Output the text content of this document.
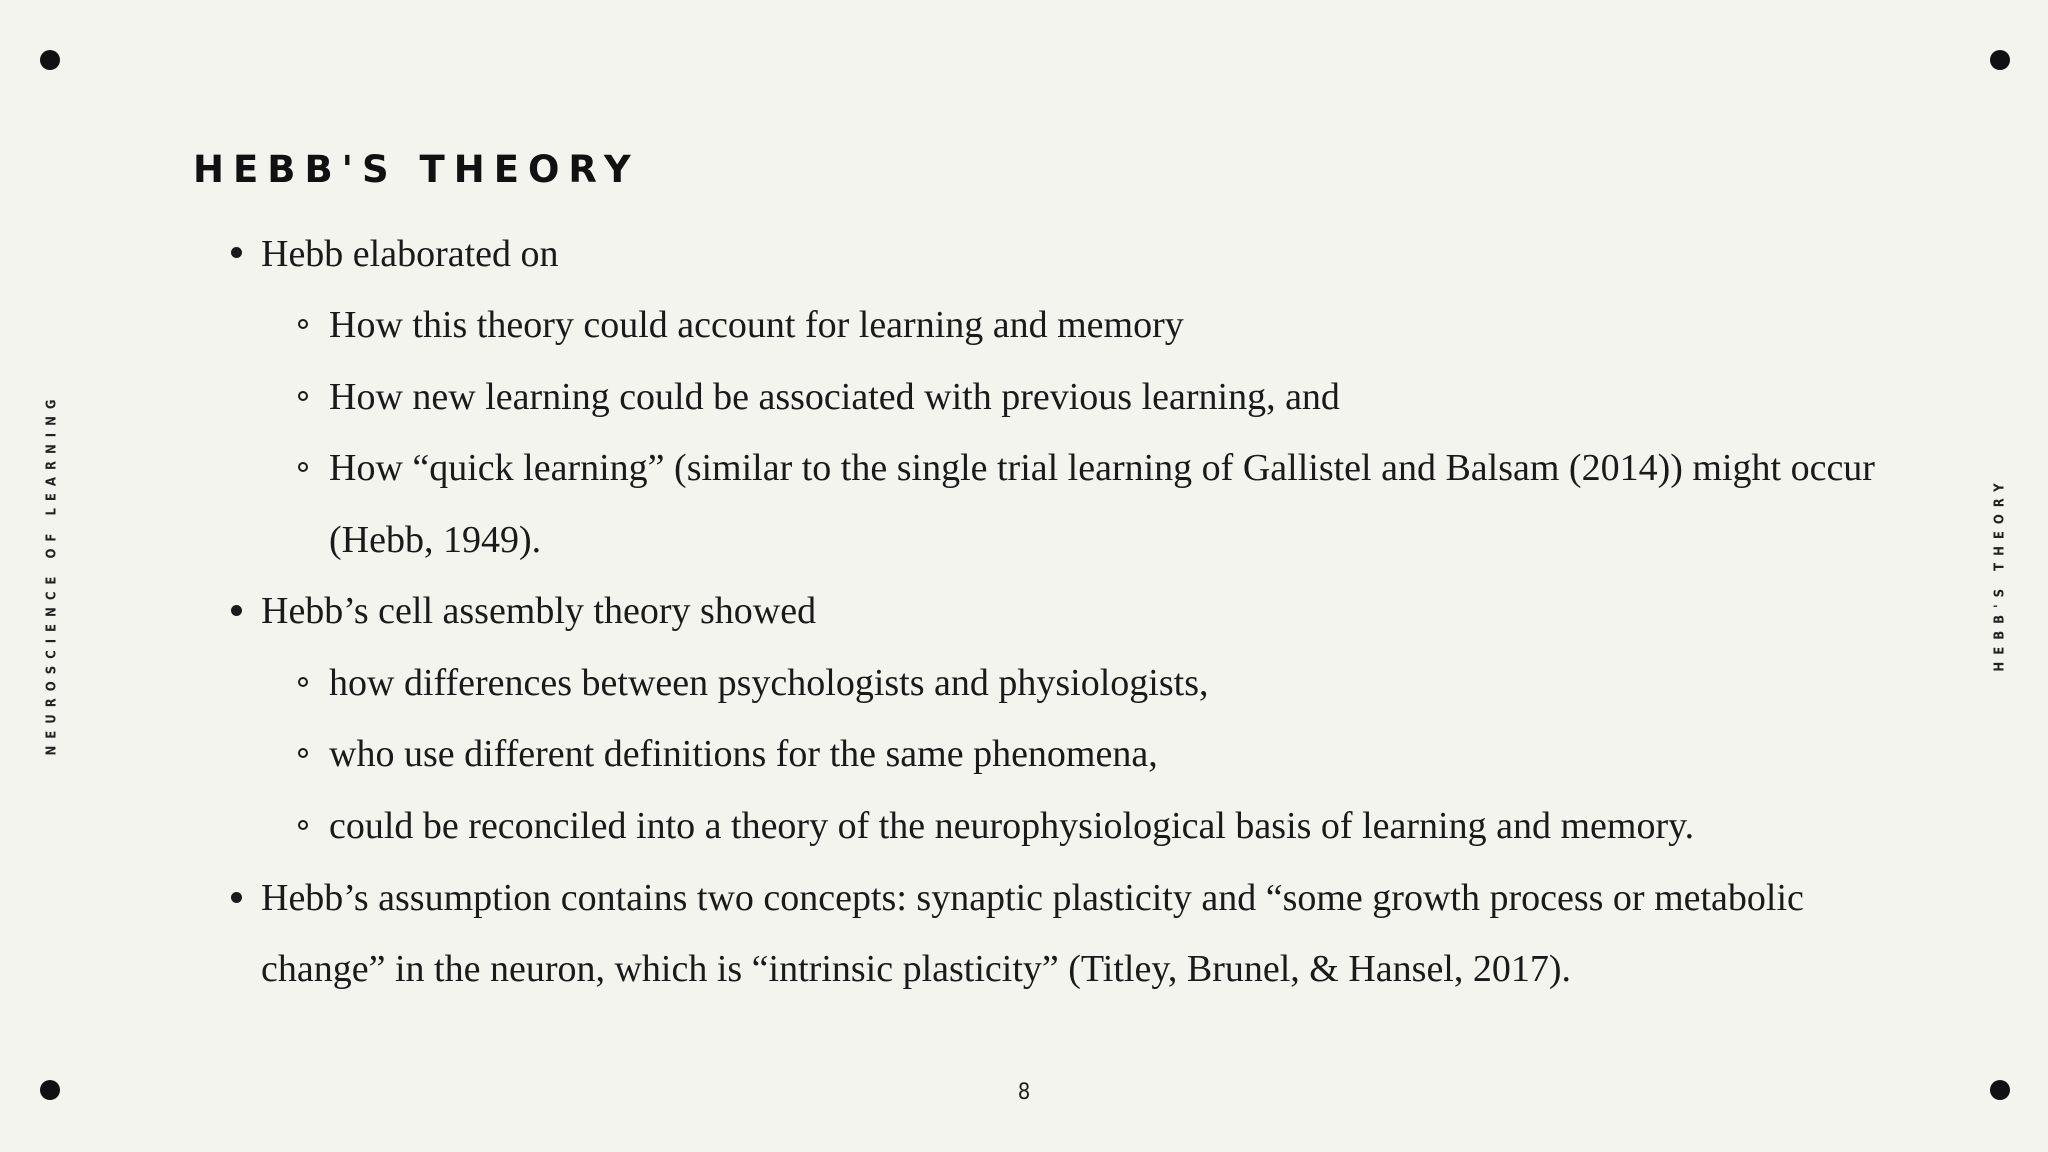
HEBB'S THEORY
NEUROSCIENCE OF LEARNING	HEBB'S THEORY
Hebb elaborated on
How this theory could account for learning and memory
How new learning could be associated with previous learning, and
How “quick learning” (similar to the single trial learning of Gallistel and Balsam (2014)) might occur
(Hebb, 1949).
Hebb’s cell assembly theory showed
how differences between psychologists and physiologists,
who use different definitions for the same phenomena,
could be reconciled into a theory of the neurophysiological basis of learning and memory.
Hebb’s assumption contains two concepts: synaptic plasticity and “some growth process or metabolic
change” in the neuron, which is “intrinsic plasticity” (Titley, Brunel, & Hansel, 2017).
8
